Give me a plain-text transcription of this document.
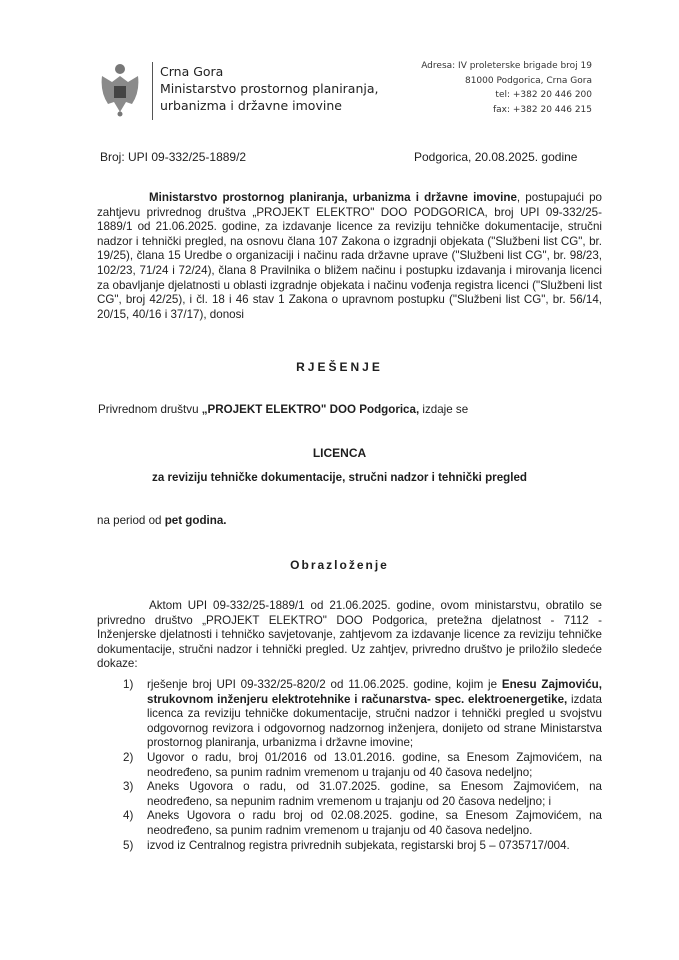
Crna Gora
Ministarstvo prostornog planiranja,
urbanizma i državne imovine
Adresa: IV proleterske brigade broj 19
81000 Podgorica, Crna Gora
tel: +382 20 446 200
fax: +382 20 446 215
Broj: UPI 09-332/25-1889/2	Podgorica, 20.08.2025. godine
Ministarstvo prostornog planiranja, urbanizma i državne imovine, postupajući po zahtjevu privrednog društva „PROJEKT ELEKTRO" DOO PODGORICA, broj UPI 09-332/25-1889/1 od 21.06.2025. godine, za izdavanje licence za reviziju tehničke dokumentacije, stručni nadzor i tehnički pregled, na osnovu člana 107 Zakona o izgradnji objekata ("Službeni list CG", br. 19/25), člana 15 Uredbe o organizaciji i načinu rada državne uprave ("Službeni list CG", br. 98/23, 102/23, 71/24 i 72/24), člana 8 Pravilnika o bližem načinu i postupku izdavanja i mirovanja licenci za obavljanje djelatnosti u oblasti izgradnje objekata i načinu vođenja registra licenci ("Službeni list CG", broj 42/25), i čl. 18 i 46 stav 1 Zakona o upravnom postupku ("Službeni list CG", br. 56/14, 20/15, 40/16 i 37/17), donosi
RJEŠENJE
Privrednom društvu „PROJEKT ELEKTRO" DOO Podgorica, izdaje se
LICENCA
za reviziju tehničke dokumentacije, stručni nadzor i tehnički pregled
na period od pet godina.
Obrazloženje
Aktom UPI 09-332/25-1889/1 od 21.06.2025. godine, ovom ministarstvu, obratilo se privredno društvo „PROJEKT ELEKTRO" DOO Podgorica, pretežna djelatnost - 7112 - Inženjerske djelatnosti i tehničko savjetovanje, zahtjevom za izdavanje licence za reviziju tehničke dokumentacije, stručni nadzor i tehnički pregled. Uz zahtjev, privredno društvo je priložilo sledeće dokaze:
1) rješenje broj UPI 09-332/25-820/2 od 11.06.2025. godine, kojim je Enesu Zajmoviću, strukovnom inženjeru elektrotehnike i računarstva- spec. elektroenergetike, izdata licenca za reviziju tehničke dokumentacije, stručni nadzor i tehnički pregled u svojstvu odgovornog revizora i odgovornog nadzornog inženjera, donijeto od strane Ministarstva prostornog planiranja, urbanizma i državne imovine;
2) Ugovor o radu, broj 01/2016 od 13.01.2016. godine, sa Enesom Zajmovićem, na neodređeno, sa punim radnim vremenom u trajanju od 40 časova nedeljno;
3) Aneks Ugovora o radu, od 31.07.2025. godine, sa Enesom Zajmovićem, na neodređeno, sa nepunim radnim vremenom u trajanju od 20 časova nedeljno; i
4) Aneks Ugovora o radu broj od 02.08.2025. godine, sa Enesom Zajmovićem, na neodređeno, sa punim radnim vremenom u trajanju od 40 časova nedeljno.
5) izvod iz Centralnog registra privrednih subjekata, registarski broj 5 – 0735717/004.
